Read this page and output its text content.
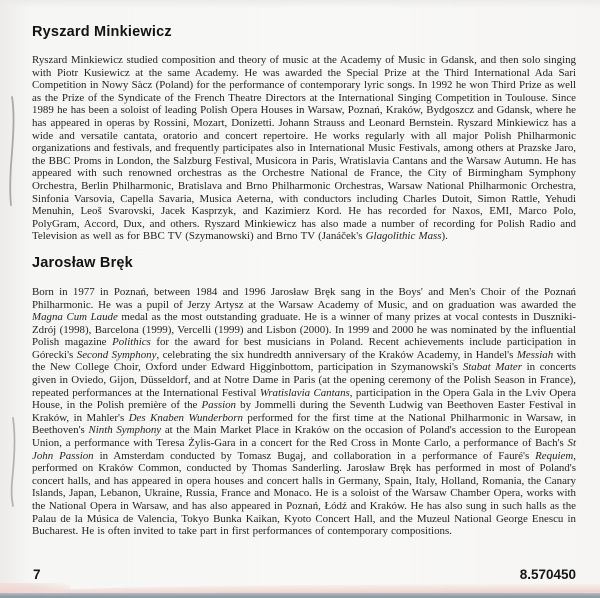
Ryszard Minkiewicz

Ryszard Minkiewicz studied composition and theory of music at the Academy of Music in Gdansk, and then solo singing with Piotr Kusiewicz at the same Academy. He was awarded the Special Prize at the Third International Ada Sari Competition in Nowy Sàcz (Poland) for the performance of contemporary lyric songs. In 1992 he won Third Prize as well as the Prize of the Syndicate of the French Theatre Directors at the International Singing Competition in Toulouse. Since 1989 he has been a soloist of leading Polish Opera Houses in Warsaw, Poznań, Kraków, Bydgoszcz and Gdansk, where he has appeared in operas by Rossini, Mozart, Donizetti. Johann Strauss and Leonard Bernstein. Ryszard Minkiewicz has a wide and versatile cantata, oratorio and concert repertoire. He works regularly with all major Polish Philharmonic organizations and festivals, and frequently participates also in International Music Festivals, among others at Prazske Jaro, the BBC Proms in London, the Salzburg Festival, Musicora in Paris, Wratislavia Cantans and the Warsaw Autumn. He has appeared with such renowned orchestras as the Orchestre National de France, the City of Birmingham Symphony Orchestra, Berlin Philharmonic, Bratislava and Brno Philharmonic Orchestras, Warsaw National Philharmonic Orchestra, Sinfonia Varsovia, Capella Savaria, Musica Aeterna, with conductors including Charles Dutoit, Simon Rattle, Yehudi Menuhin, Leoš Svarovski, Jacek Kasprzyk, and Kazimierz Kord. He has recorded for Naxos, EMI, Marco Polo, PolyGram, Accord, Dux, and others. Ryszard Minkiewicz has also made a number of recording for Polish Radio and Television as well as for BBC TV (Szymanowski) and Brno TV (Janáček's Glagolithic Mass).

Jarosław Bręk

Born in 1977 in Poznań, between 1984 and 1996 Jarosław Bręk sang in the Boys' and Men's Choir of the Poznań Philharmonic. He was a pupil of Jerzy Artysz at the Warsaw Academy of Music, and on graduation was awarded the Magna Cum Laude medal as the most outstanding graduate. He is a winner of many prizes at vocal contests in Duszniki-Zdrój (1998), Barcelona (1999), Vercelli (1999) and Lisbon (2000). In 1999 and 2000 he was nominated by the influential Polish magazine Polithics for the award for best musicians in Poland. Recent achievements include participation in Górecki's Second Symphony, celebrating the six hundredth anniversary of the Kraków Academy, in Handel's Messiah with the New College Choir, Oxford under Edward Higginbottom, participation in Szymanowski's Stabat Mater in concerts given in Oviedo, Gijon, Düsseldorf, and at Notre Dame in Paris (at the opening ceremony of the Polish Season in France), repeated performances at the International Festival Wratislavia Cantans, participation in the Opera Gala in the Lviv Opera House, in the Polish première of the Passion by Jommelli during the Seventh Ludwig van Beethoven Easter Festival in Kraków, in Mahler's Des Knaben Wunderborn performed for the first time at the National Philharmonic in Warsaw, in Beethoven's Ninth Symphony at the Main Market Place in Kraków on the occasion of Poland's accession to the European Union, a performance with Teresa Żylis-Gara in a concert for the Red Cross in Monte Carlo, a performance of Bach's St John Passion in Amsterdam conducted by Tomasz Bugaj, and collaboration in a performance of Fauré's Requiem, performed on Kraków Common, conducted by Thomas Sanderling. Jarosław Bręk has performed in most of Poland's concert halls, and has appeared in opera houses and concert halls in Germany, Spain, Italy, Holland, Romania, the Canary Islands, Japan, Lebanon, Ukraine, Russia, France and Monaco. He is a soloist of the Warsaw Chamber Opera, works with the National Opera in Warsaw, and has also appeared in Poznań, Łódź and Kraków. He has also sung in such halls as the Palau de la Música de Valencia, Tokyo Bunka Kaikan, Kyoto Concert Hall, and the Muzeul National George Enescu in Bucharest. He is often invited to take part in first performances of contemporary compositions.

7	8.570450
